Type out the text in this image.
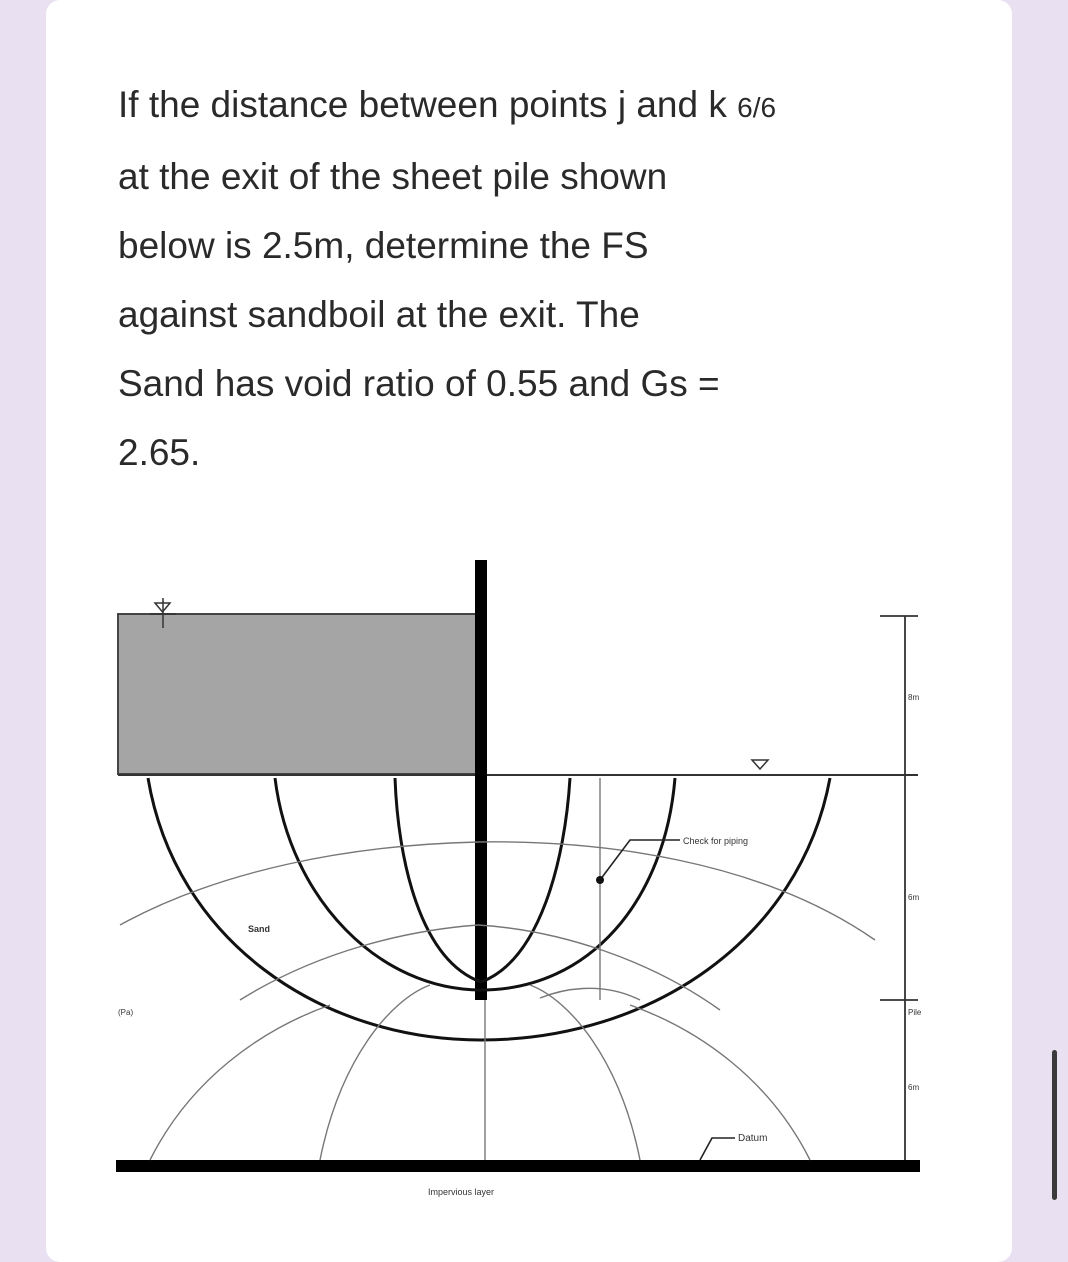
If the distance between points j and k 6/6
at the exit of the sheet pile shown
below is 2.5m, determine the FS
against sandboil at the exit. The
Sand has void ratio of 0.55 and Gs =
2.65.
Sand
Check for piping
Datum
Impervious layer
8m
6m
Pile
6m
(Pa)
